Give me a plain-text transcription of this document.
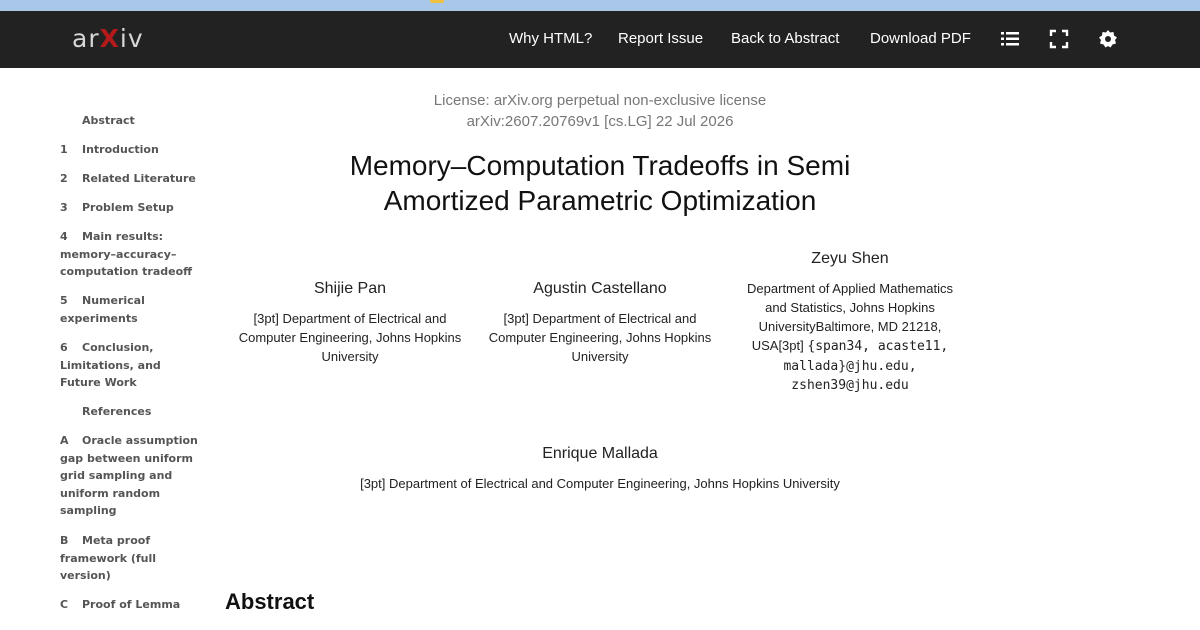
arXiv	Why HTML? Report Issue Back to Abstract Download PDF
Abstract
1 Introduction
2 Related Literature
3 Problem Setup
4 Main results: memory–accuracy–computation tradeoff
5 Numerical experiments
6 Conclusion, Limitations, and Future Work
References
A Oracle assumption gap between uniform grid sampling and uniform random sampling
B Meta proof framework (full version)
C Proof of Lemma
License: arXiv.org perpetual non-exclusive license
arXiv:2607.20769v1 [cs.LG] 22 Jul 2026
Memory–Computation Tradeoffs in Semi Amortized Parametric Optimization
Shijie Pan
[3pt] Department of Electrical and Computer Engineering, Johns Hopkins University
Agustin Castellano
[3pt] Department of Electrical and Computer Engineering, Johns Hopkins University
Zeyu Shen
Department of Applied Mathematics and Statistics, Johns Hopkins UniversityBaltimore, MD 21218, USA[3pt] {span34, acaste11, mallada}@jhu.edu,
zshen39@jhu.edu
Enrique Mallada
[3pt] Department of Electrical and Computer Engineering, Johns Hopkins University
Abstract
